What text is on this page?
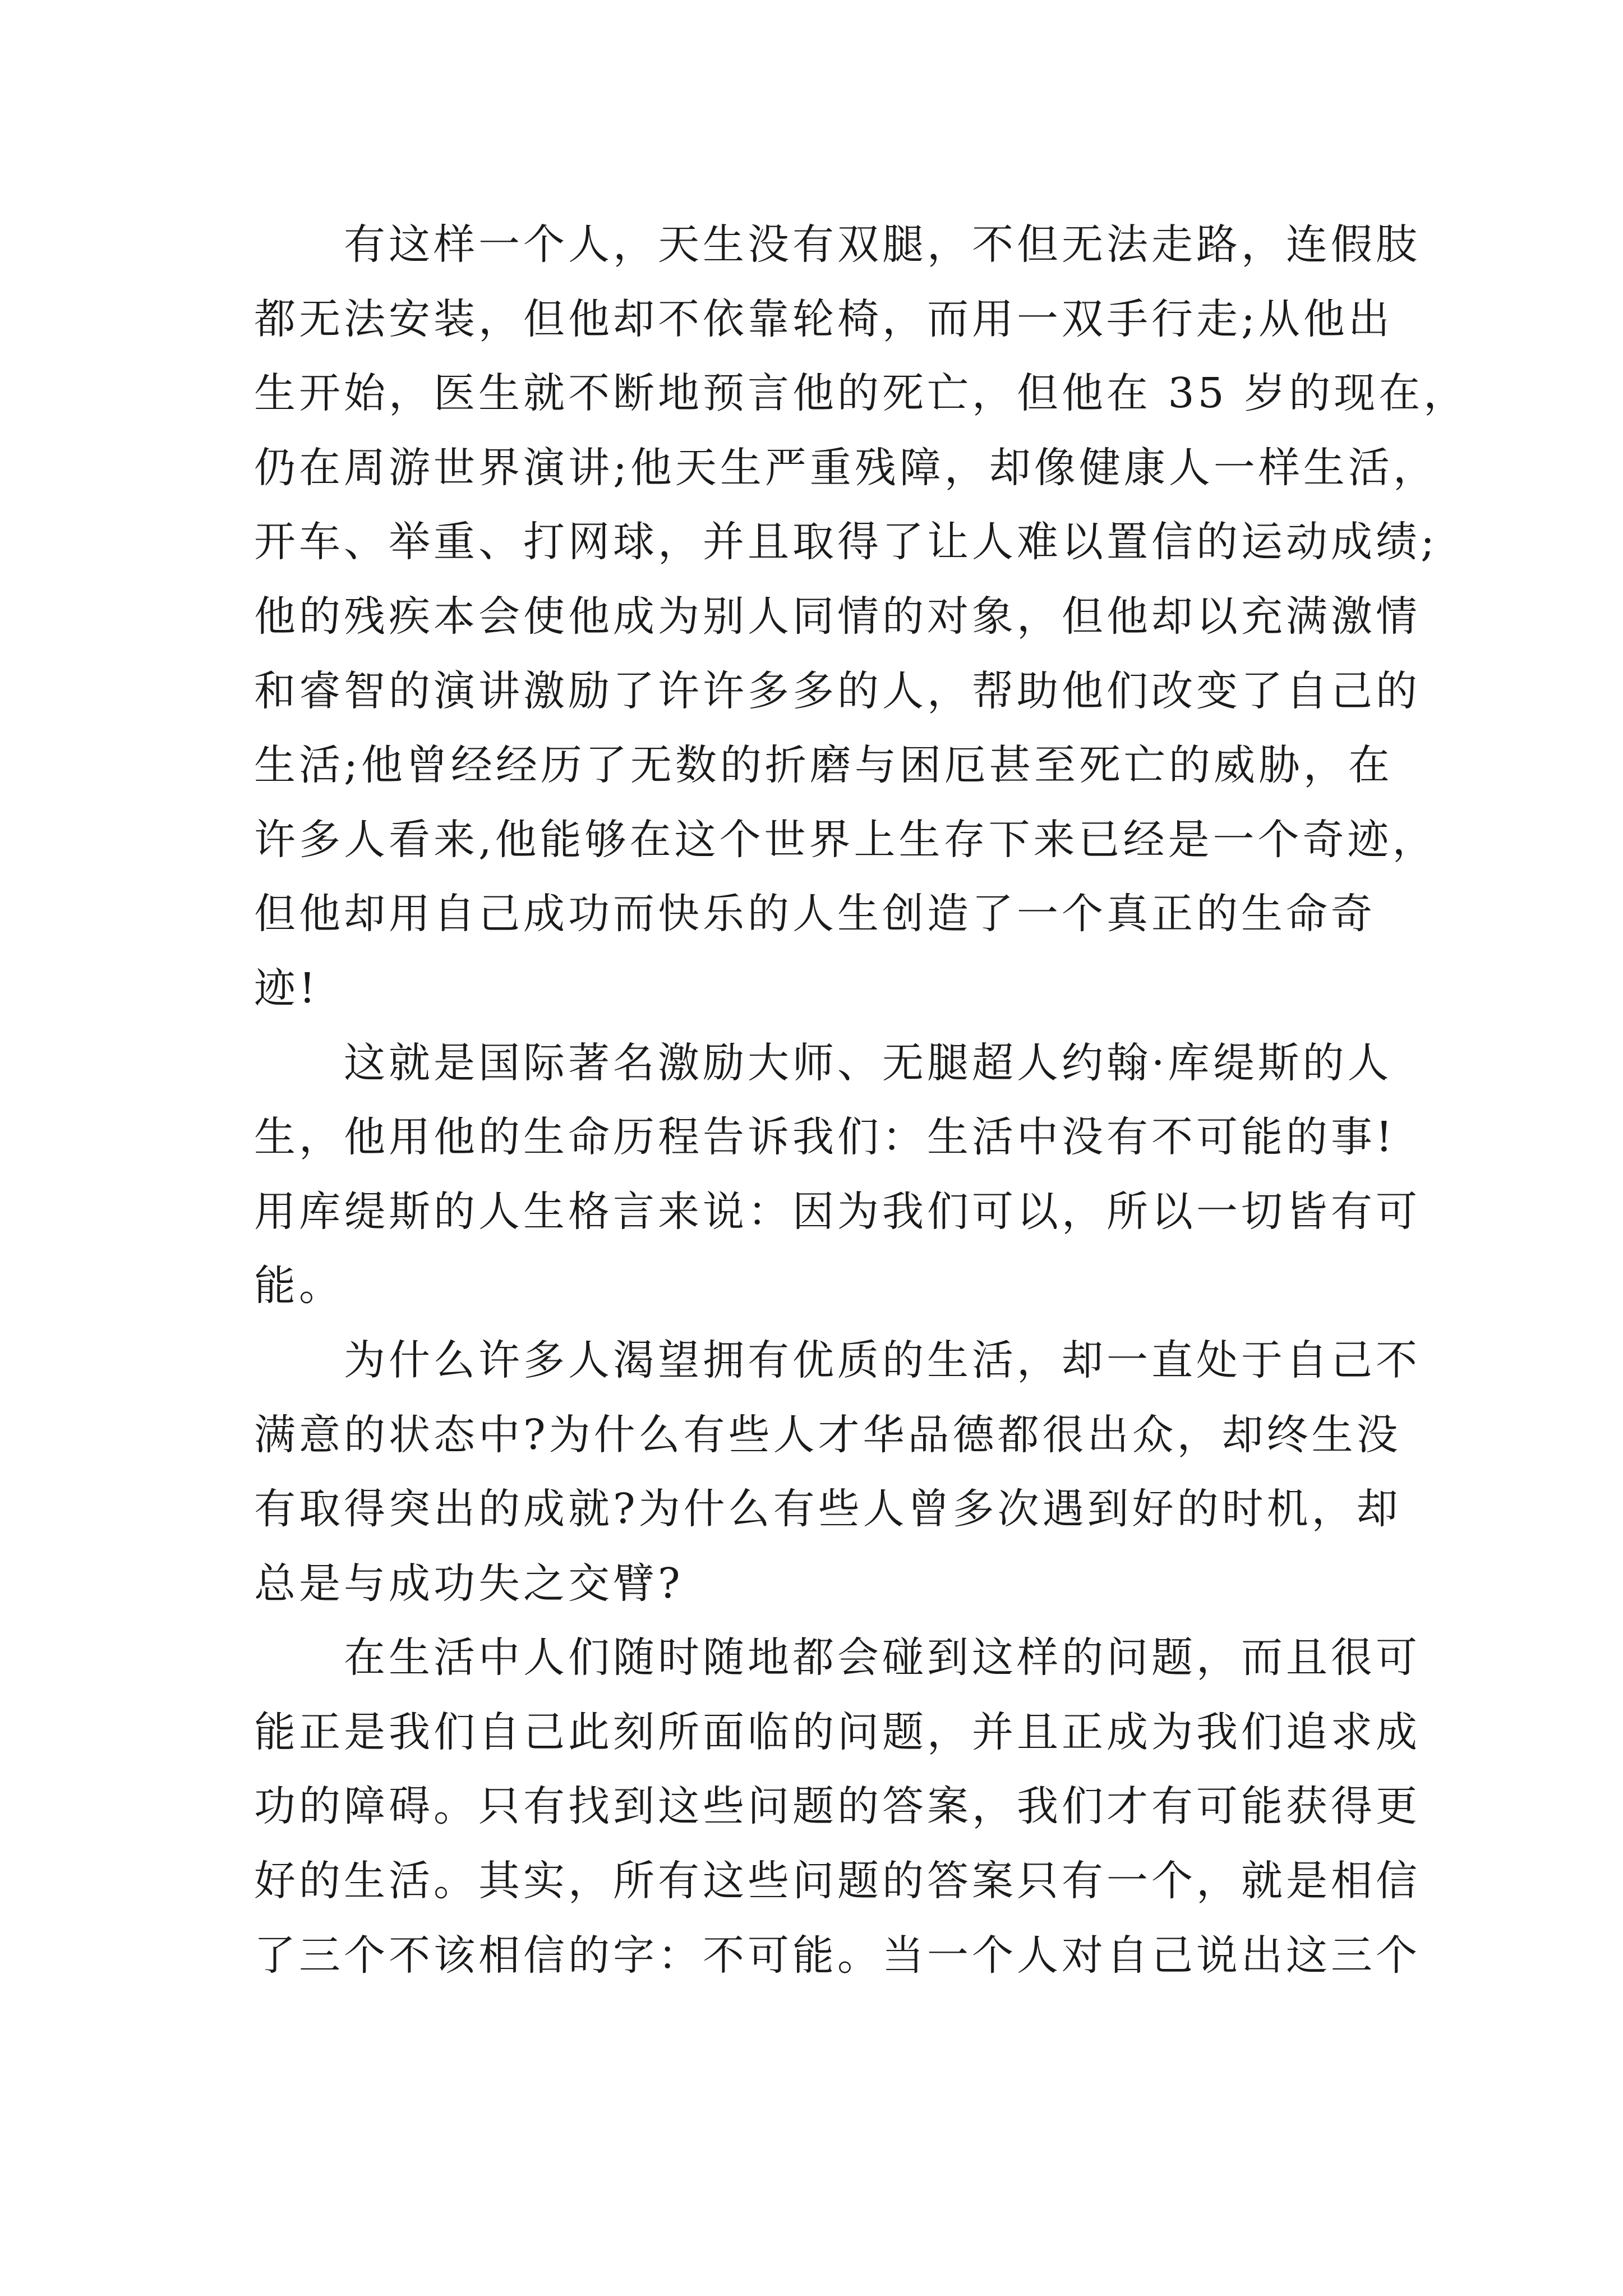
有这样一个人，天生没有双腿，不但无法走路，连假肢
都无法安装，但他却不依靠轮椅，而用一双手行走;从他出
生开始，医生就不断地预言他的死亡，但他在 35 岁的现在，
仍在周游世界演讲;他天生严重残障，却像健康人一样生活，
开车、举重、打网球，并且取得了让人难以置信的运动成绩;
他的残疾本会使他成为别人同情的对象，但他却以充满激情
和睿智的演讲激励了许许多多的人，帮助他们改变了自己的
生活;他曾经经历了无数的折磨与困厄甚至死亡的威胁，在
许多人看来,他能够在这个世界上生存下来已经是一个奇迹，
但他却用自己成功而快乐的人生创造了一个真正的生命奇
迹!
这就是国际著名激励大师、无腿超人约翰·库缇斯的人
生，他用他的生命历程告诉我们：生活中没有不可能的事!
用库缇斯的人生格言来说：因为我们可以，所以一切皆有可
能。
为什么许多人渴望拥有优质的生活，却一直处于自己不
满意的状态中?为什么有些人才华品德都很出众，却终生没
有取得突出的成就?为什么有些人曾多次遇到好的时机，却
总是与成功失之交臂?
在生活中人们随时随地都会碰到这样的问题，而且很可
能正是我们自己此刻所面临的问题，并且正成为我们追求成
功的障碍。只有找到这些问题的答案，我们才有可能获得更
好的生活。其实，所有这些问题的答案只有一个，就是相信
了三个不该相信的字：不可能。当一个人对自己说出这三个
